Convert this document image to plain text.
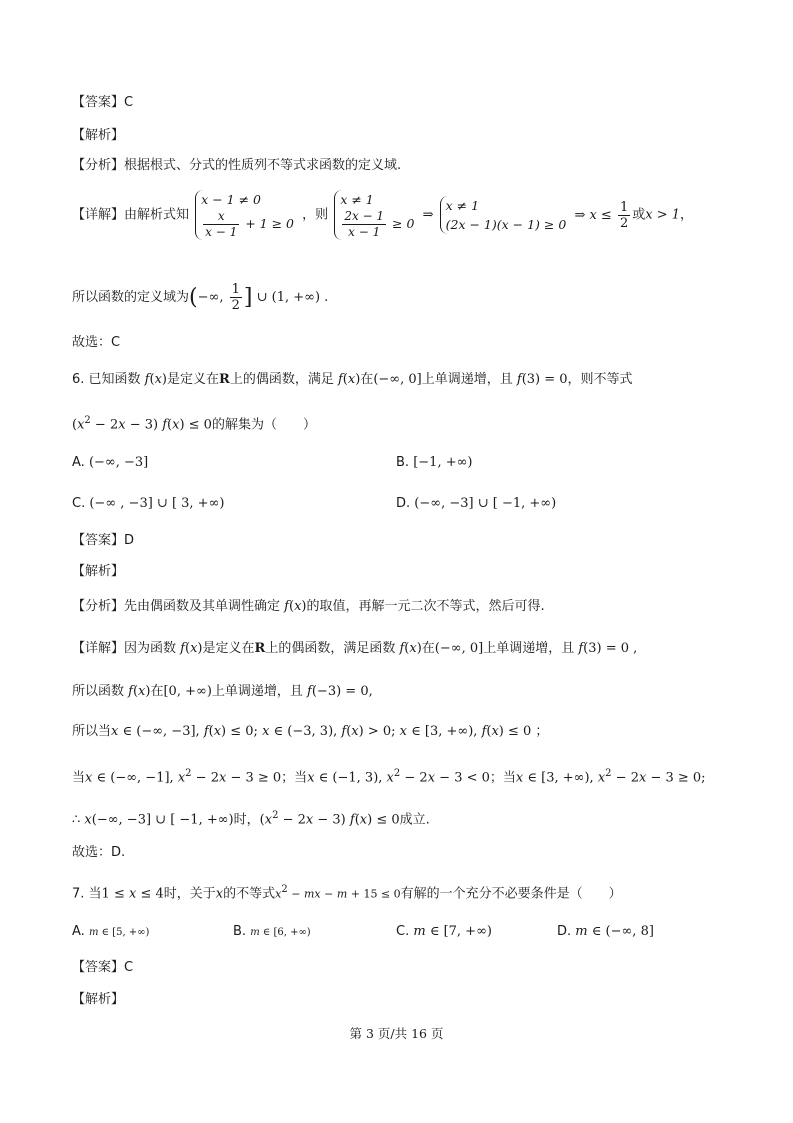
【答案】C
【解析】
【分析】根据根式、分式的性质列不等式求函数的定义域.
【详解】由解析式知
x − 1 ≠ 0
$\frac{x}{x - 1} + 1 \ge 0$
，则
x ≠ 1
$\frac{2x - 1}{x - 1} \ge 0$
⇒
x ≠ 1
(2x − 1)(x − 1) ≥ 0
⇒ $x \le \frac{1}{2}$ 或x > 1，
所以函数的定义域为(−∞, $\frac{1}{2}$ ] ∪ (1, +∞) .
故选：C
6. 已知函数 f(x)是定义在R上的偶函数，满足 f(x)在(−∞, 0]上单调递增，且 f(3) = 0，则不等式
$(x^2 - 2x - 3) f(x) \le 0$的解集为（　　）
A. (−∞, −3]	B. [−1, +∞)
C. (−∞ , −3] ∪ [ 3, +∞)	D. (−∞, −3] ∪ [ −1, +∞)
【答案】D
【解析】
【分析】先由偶函数及其单调性确定 f(x)的取值，再解一元二次不等式，然后可得.
【详解】因为函数 f(x)是定义在R上的偶函数，满足函数 f(x)在(−∞, 0]上单调递增，且 f(3) = 0 ,
所以函数 f(x)在[0, +∞)上单调递增，且 f(−3) = 0,
所以当x ∈ (−∞, −3], f(x) ≤ 0; x ∈ (−3, 3), f(x) > 0; x ∈ [3, +∞), f(x) ≤ 0 ；
当x ∈ (−∞, −1], $x^2 - 2x - 3 \ge 0$；当x ∈ (−1, 3), $x^2 - 2x - 3 < 0$；当x ∈ [3, +∞), $x^2 - 2x - 3 \ge 0$;
∴ x(−∞, −3] ∪ [ −1, +∞)时，$(x^2 - 2x - 3) f(x) \le 0$成立.
故选：D.
7. 当1 ≤ x ≤ 4时，关于x的不等式$x^2$ − mx − m + 15 ≤ 0有解的一个充分不必要条件是（　　）
A. m ∈ [5, +∞)	B. m ∈ [6, +∞)	C. m ∈ [7, +∞)	D. m ∈ (−∞, 8]
【答案】C
【解析】
第 3 页/共 16 页
